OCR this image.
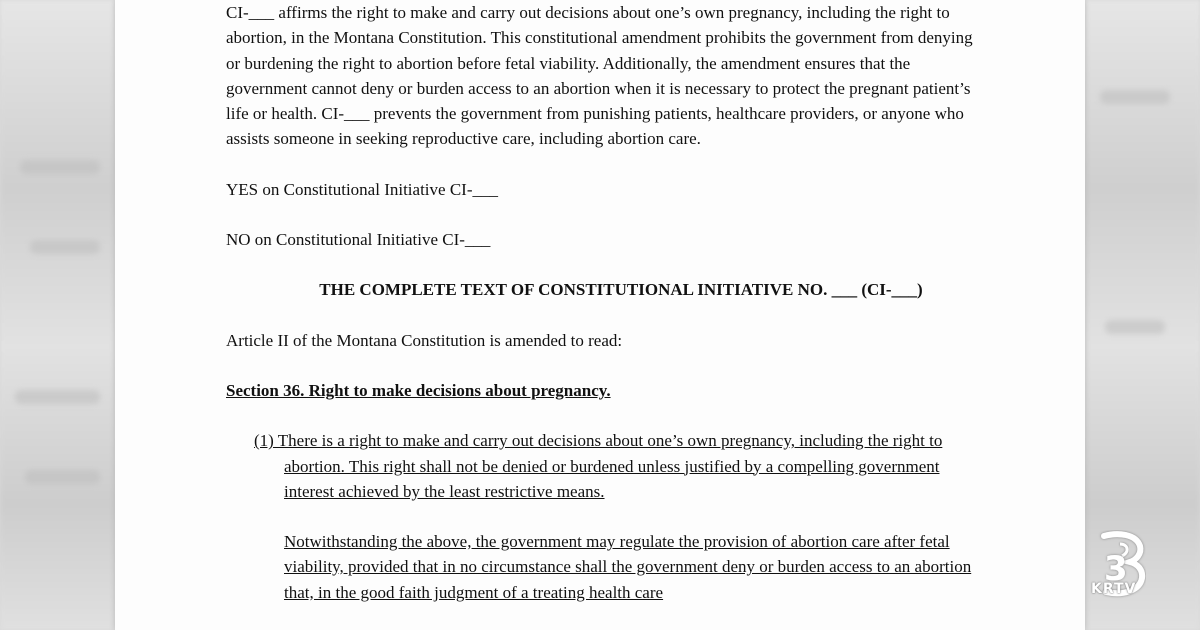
CI-___ affirms the right to make and carry out decisions about one’s own pregnancy, including the right to abortion, in the Montana Constitution. This constitutional amendment prohibits the government from denying or burdening the right to abortion before fetal viability. Additionally, the amendment ensures that the government cannot deny or burden access to an abortion when it is necessary to protect the pregnant patient’s life or health. CI-___ prevents the government from punishing patients, healthcare providers, or anyone who assists someone in seeking reproductive care, including abortion care.

YES on Constitutional Initiative CI-___

NO on Constitutional Initiative CI-___

THE COMPLETE TEXT OF CONSTITUTIONAL INITIATIVE NO. ___ (CI-___)

Article II of the Montana Constitution is amended to read:

Section 36. Right to make decisions about pregnancy.

(1) There is a right to make and carry out decisions about one’s own pregnancy, including the right to abortion. This right shall not be denied or burdened unless justified by a compelling government interest achieved by the least restrictive means.

Notwithstanding the above, the government may regulate the provision of abortion care after fetal viability, provided that in no circumstance shall the government deny or burden access to an abortion that, in the good faith judgment of a treating health care

3
KRTV
